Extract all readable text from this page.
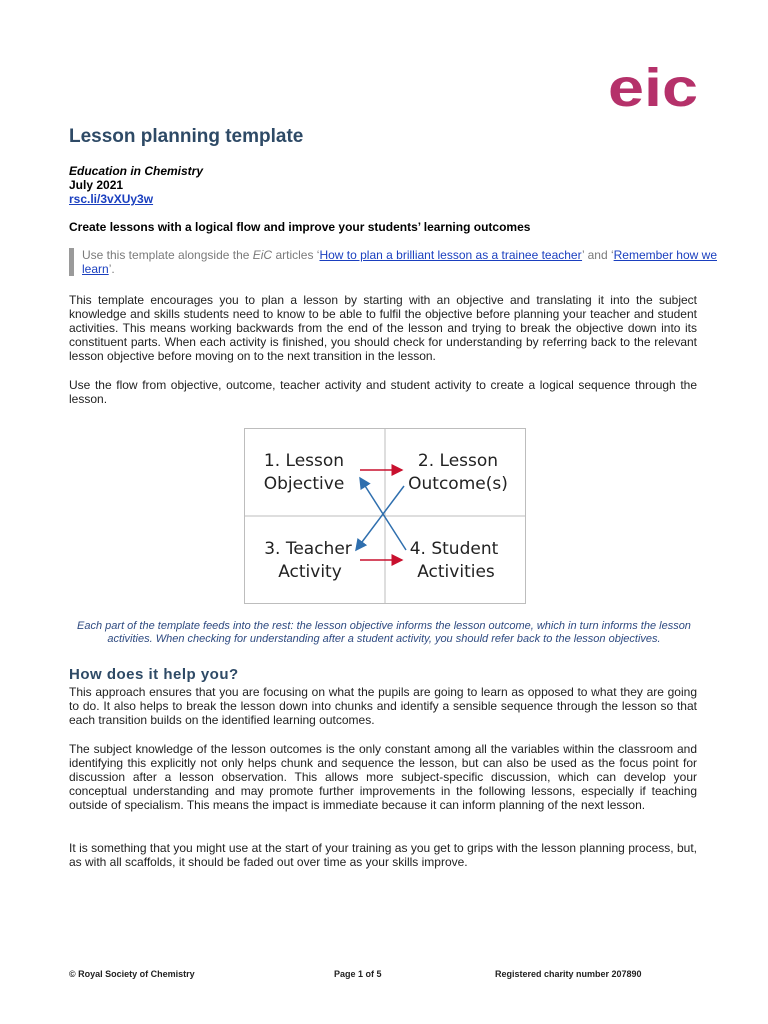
eic
Lesson planning template
Education in Chemistry
July 2021
rsc.li/3vXUy3w
Create lessons with a logical flow and improve your students’ learning outcomes
Use this template alongside the EiC articles ‘How to plan a brilliant lesson as a trainee teacher’ and ‘Remember how we learn’.

This template encourages you to plan a lesson by starting with an objective and translating it into the subject knowledge and skills students need to know to be able to fulfil the objective before planning your teacher and student activities. This means working backwards from the end of the lesson and trying to break the objective down into its constituent parts. When each activity is finished, you should check for understanding by referring back to the relevant lesson objective before moving on to the next transition in the lesson.

Use the flow from objective, outcome, teacher activity and student activity to create a logical sequence through the lesson.

1. Lesson
Objective
2. Lesson
Outcome(s)
3. Teacher
Activity
4. Student
Activities
Each part of the template feeds into the rest: the lesson objective informs the lesson outcome, which in turn informs the lesson activities. When checking for understanding after a student activity, you should refer back to the lesson objectives.
How does it help you?

This approach ensures that you are focusing on what the pupils are going to learn as opposed to what they are going to do. It also helps to break the lesson down into chunks and identify a sensible sequence through the lesson so that each transition builds on the identified learning outcomes.

The subject knowledge of the lesson outcomes is the only constant among all the variables within the classroom and identifying this explicitly not only helps chunk and sequence the lesson, but can also be used as the focus point for discussion after a lesson observation. This allows more subject-specific discussion, which can develop your conceptual understanding and may promote further improvements in the following lessons, especially if teaching outside of specialism. This means the impact is immediate because it can inform planning of the next lesson.

It is something that you might use at the start of your training as you get to grips with the lesson planning process, but, as with all scaffolds, it should be faded out over time as your skills improve.

© Royal Society of Chemistry	Page 1 of 5	Registered charity number 207890
